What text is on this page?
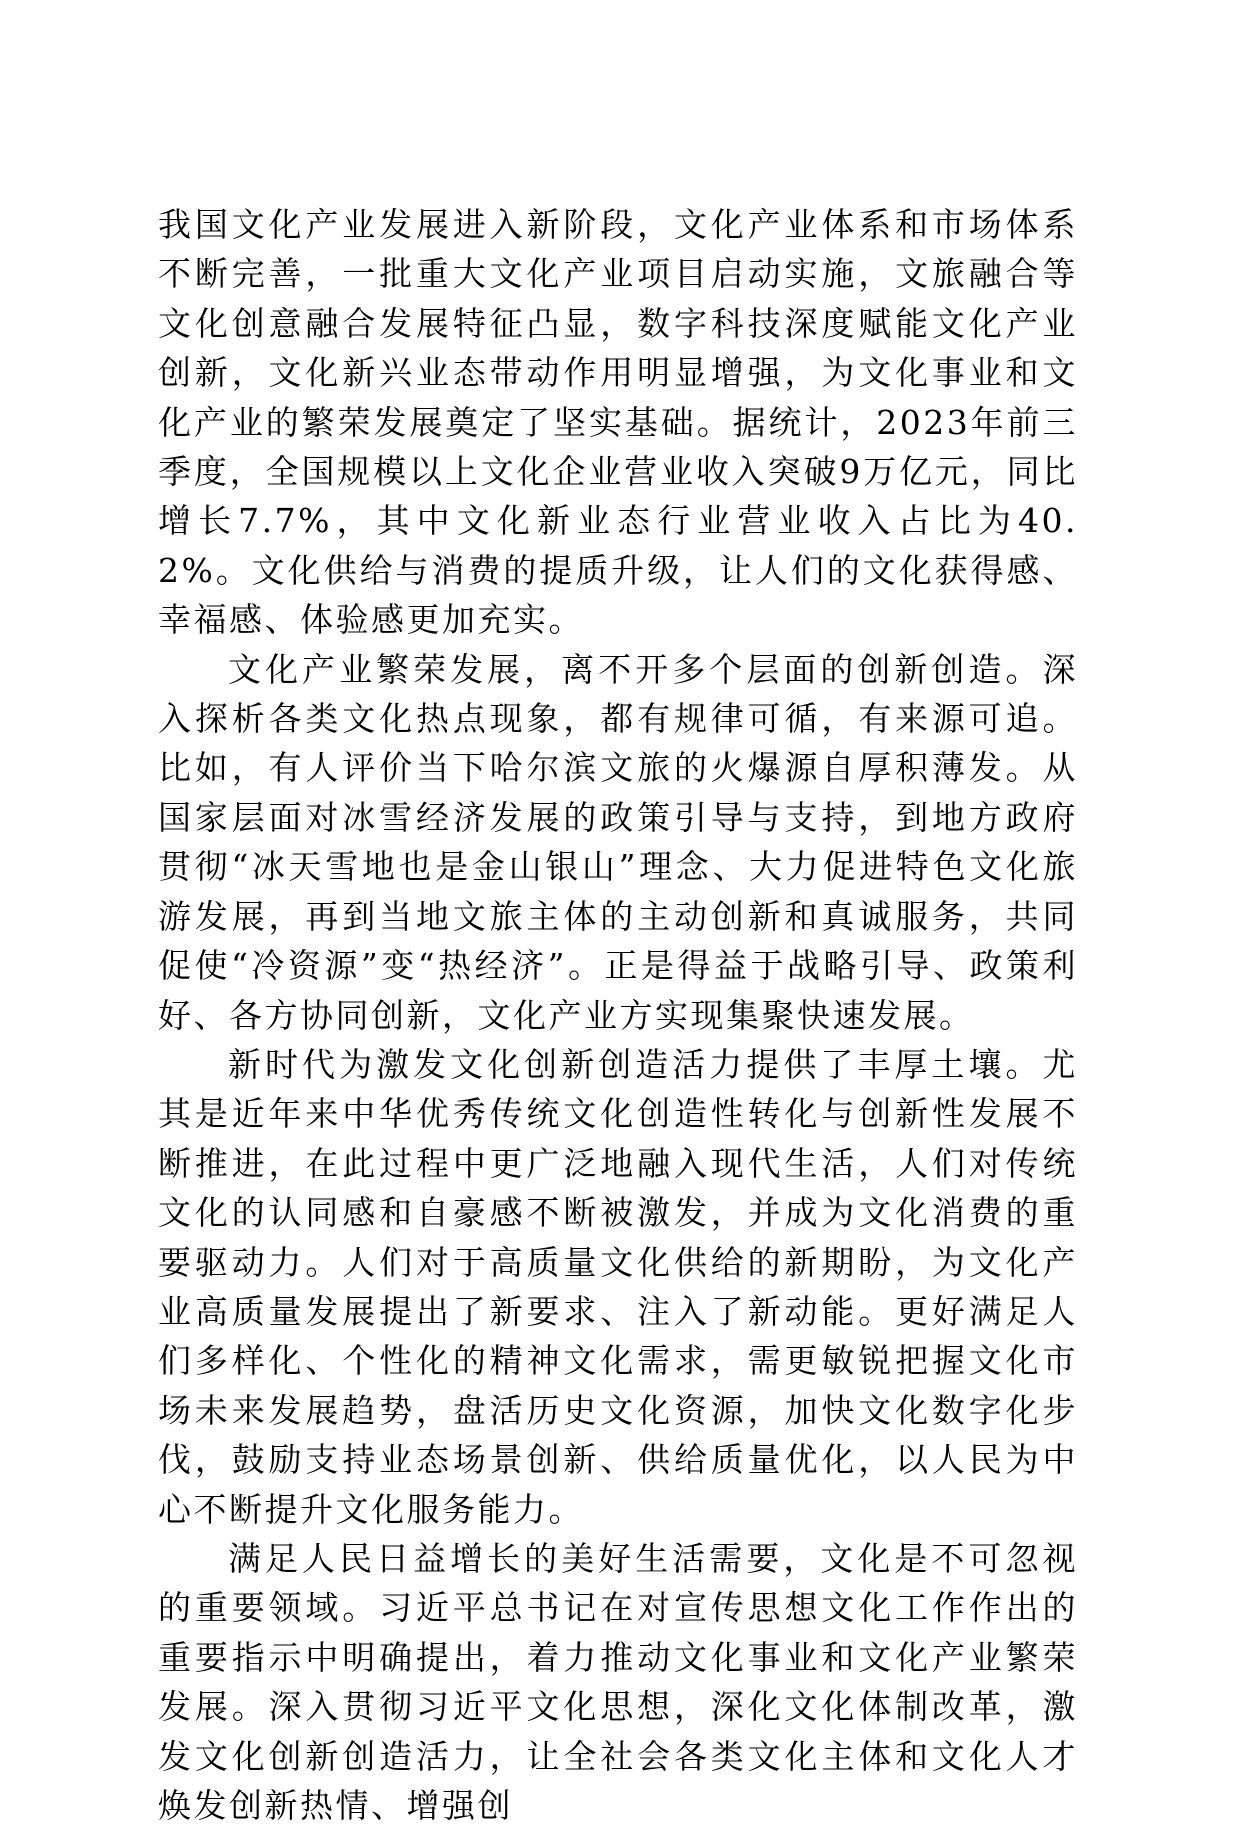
我国文化产业发展进入新阶段，文化产业体系和市场体系不断完善，一批重大文化产业项目启动实施，文旅融合等文化创意融合发展特征凸显，数字科技深度赋能文化产业创新，文化新兴业态带动作用明显增强，为文化事业和文化产业的繁荣发展奠定了坚实基础。据统计，2023年前三季度，全国规模以上文化企业营业收入突破9万亿元，同比增长7.7%，其中文化新业态行业营业收入占比为40.2%。文化供给与消费的提质升级，让人们的文化获得感、幸福感、体验感更加充实。

文化产业繁荣发展，离不开多个层面的创新创造。深入探析各类文化热点现象，都有规律可循，有来源可追。比如，有人评价当下哈尔滨文旅的火爆源自厚积薄发。从国家层面对冰雪经济发展的政策引导与支持，到地方政府贯彻“冰天雪地也是金山银山”理念、大力促进特色文化旅游发展，再到当地文旅主体的主动创新和真诚服务，共同促使“冷资源”变“热经济”。正是得益于战略引导、政策利好、各方协同创新，文化产业方实现集聚快速发展。

新时代为激发文化创新创造活力提供了丰厚土壤。尤其是近年来中华优秀传统文化创造性转化与创新性发展不断推进，在此过程中更广泛地融入现代生活，人们对传统文化的认同感和自豪感不断被激发，并成为文化消费的重要驱动力。人们对于高质量文化供给的新期盼，为文化产业高质量发展提出了新要求、注入了新动能。更好满足人们多样化、个性化的精神文化需求，需更敏锐把握文化市场未来发展趋势，盘活历史文化资源，加快文化数字化步伐，鼓励支持业态场景创新、供给质量优化，以人民为中心不断提升文化服务能力。

满足人民日益增长的美好生活需要，文化是不可忽视的重要领域。习近平总书记在对宣传思想文化工作作出的重要指示中明确提出，着力推动文化事业和文化产业繁荣发展。深入贯彻习近平文化思想，深化文化体制改革，激发文化创新创造活力，让全社会各类文化主体和文化人才焕发创新热情、增强创
